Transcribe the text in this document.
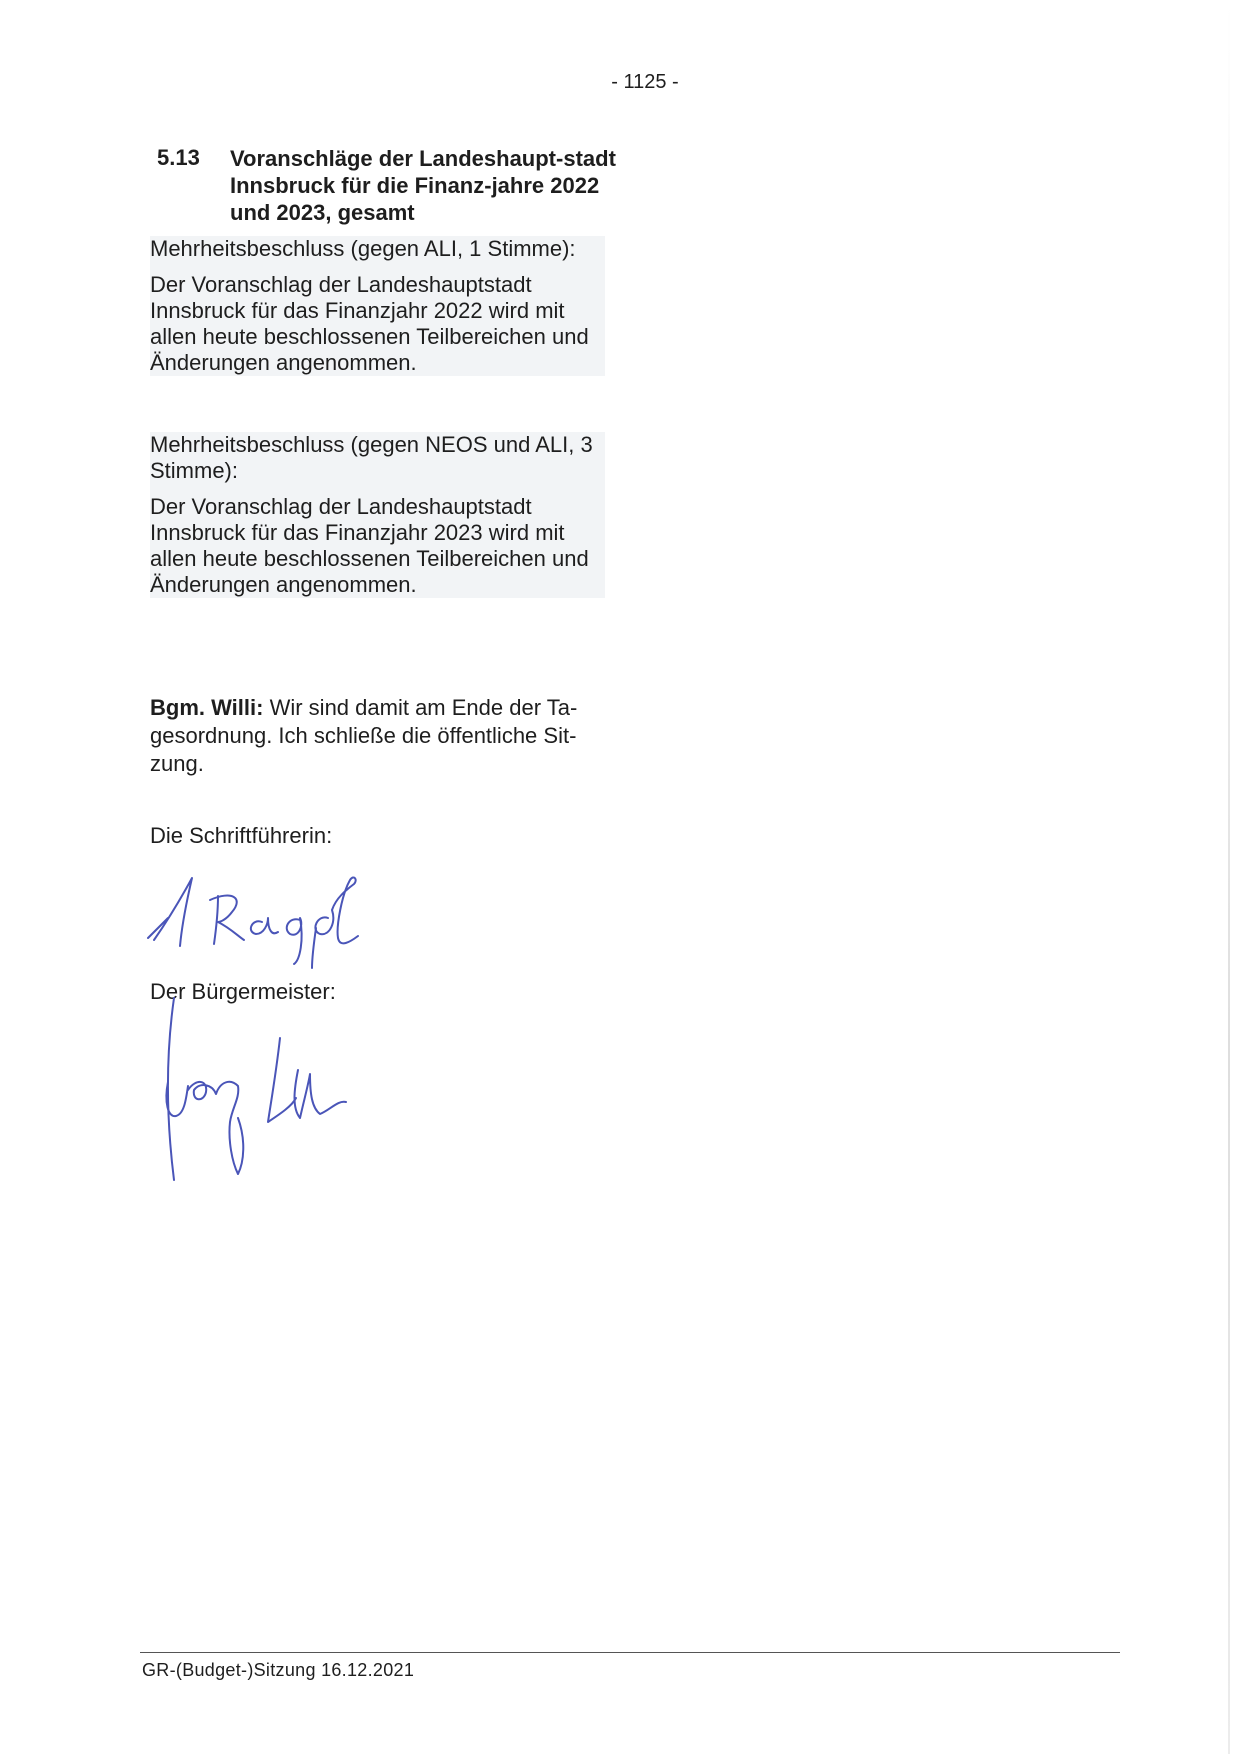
- 1125 -
5.13 Voranschläge der Landeshaupt-stadt Innsbruck für die Finanz-jahre 2022 und 2023, gesamt

Mehrheitsbeschluss (gegen ALI, 1 Stimme):

Der Voranschlag der Landeshauptstadt Innsbruck für das Finanzjahr 2022 wird mit allen heute beschlossenen Teilbereichen und Änderungen angenommen.

Mehrheitsbeschluss (gegen NEOS und ALI, 3 Stimme):

Der Voranschlag der Landeshauptstadt Innsbruck für das Finanzjahr 2023 wird mit allen heute beschlossenen Teilbereichen und Änderungen angenommen.

Bgm. Willi: Wir sind damit am Ende der Ta-gesordnung. Ich schließe die öffentliche Sit-zung.
Die Schriftführerin:
Der Bürgermeister:
GR-(Budget-)Sitzung 16.12.2021
